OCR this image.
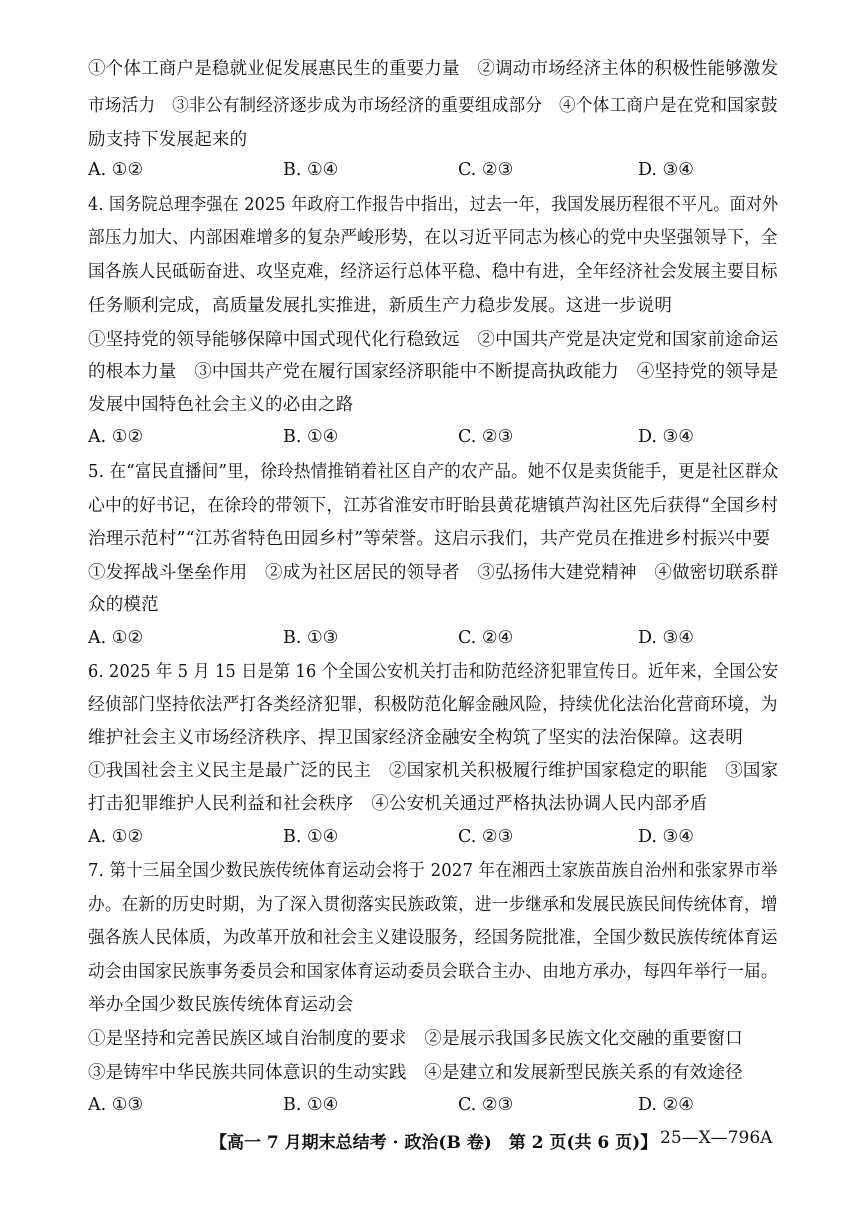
①个体工商户是稳就业促发展惠民生的重要力量　②调动市场经济主体的积极性能够激发
市场活力　③非公有制经济逐步成为市场经济的重要组成部分　④个体工商户是在党和国家鼓
励支持下发展起来的
A. ①②	B. ①④	C. ②③	D. ③④
4. 国务院总理李强在 2025 年政府工作报告中指出，过去一年，我国发展历程很不平凡。面对外
部压力加大、内部困难增多的复杂严峻形势，在以习近平同志为核心的党中央坚强领导下，全
国各族人民砥砺奋进、攻坚克难，经济运行总体平稳、稳中有进，全年经济社会发展主要目标
任务顺利完成，高质量发展扎实推进，新质生产力稳步发展。这进一步说明
①坚持党的领导能够保障中国式现代化行稳致远　②中国共产党是决定党和国家前途命运
的根本力量　③中国共产党在履行国家经济职能中不断提高执政能力　④坚持党的领导是
发展中国特色社会主义的必由之路
A. ①②	B. ①④	C. ②③	D. ③④
5. 在“富民直播间”里，徐玲热情推销着社区自产的农产品。她不仅是卖货能手，更是社区群众
心中的好书记，在徐玲的带领下，江苏省淮安市盱眙县黄花塘镇芦沟社区先后获得“全国乡村
治理示范村”“江苏省特色田园乡村”等荣誉。这启示我们，共产党员在推进乡村振兴中要
①发挥战斗堡垒作用　②成为社区居民的领导者　③弘扬伟大建党精神　④做密切联系群
众的模范
A. ①②	B. ①③	C. ②④	D. ③④
6. 2025 年 5 月 15 日是第 16 个全国公安机关打击和防范经济犯罪宣传日。近年来，全国公安
经侦部门坚持依法严打各类经济犯罪，积极防范化解金融风险，持续优化法治化营商环境，为
维护社会主义市场经济秩序、捍卫国家经济金融安全构筑了坚实的法治保障。这表明
①我国社会主义民主是最广泛的民主　②国家机关积极履行维护国家稳定的职能　③国家
打击犯罪维护人民利益和社会秩序　④公安机关通过严格执法协调人民内部矛盾
A. ①②	B. ①④	C. ②③	D. ③④
7. 第十三届全国少数民族传统体育运动会将于 2027 年在湘西土家族苗族自治州和张家界市举
办。在新的历史时期，为了深入贯彻落实民族政策，进一步继承和发展民族民间传统体育，增
强各族人民体质，为改革开放和社会主义建设服务，经国务院批准，全国少数民族传统体育运
动会由国家民族事务委员会和国家体育运动委员会联合主办、由地方承办，每四年举行一届。
举办全国少数民族传统体育运动会
①是坚持和完善民族区域自治制度的要求　②是展示我国多民族文化交融的重要窗口
③是铸牢中华民族共同体意识的生动实践　④是建立和发展新型民族关系的有效途径
A. ①③	B. ①④	C. ②③	D. ②④
【高一 7 月期末总结考 · 政治(B 卷)　第 2 页(共 6 页)】 25—X—796A
